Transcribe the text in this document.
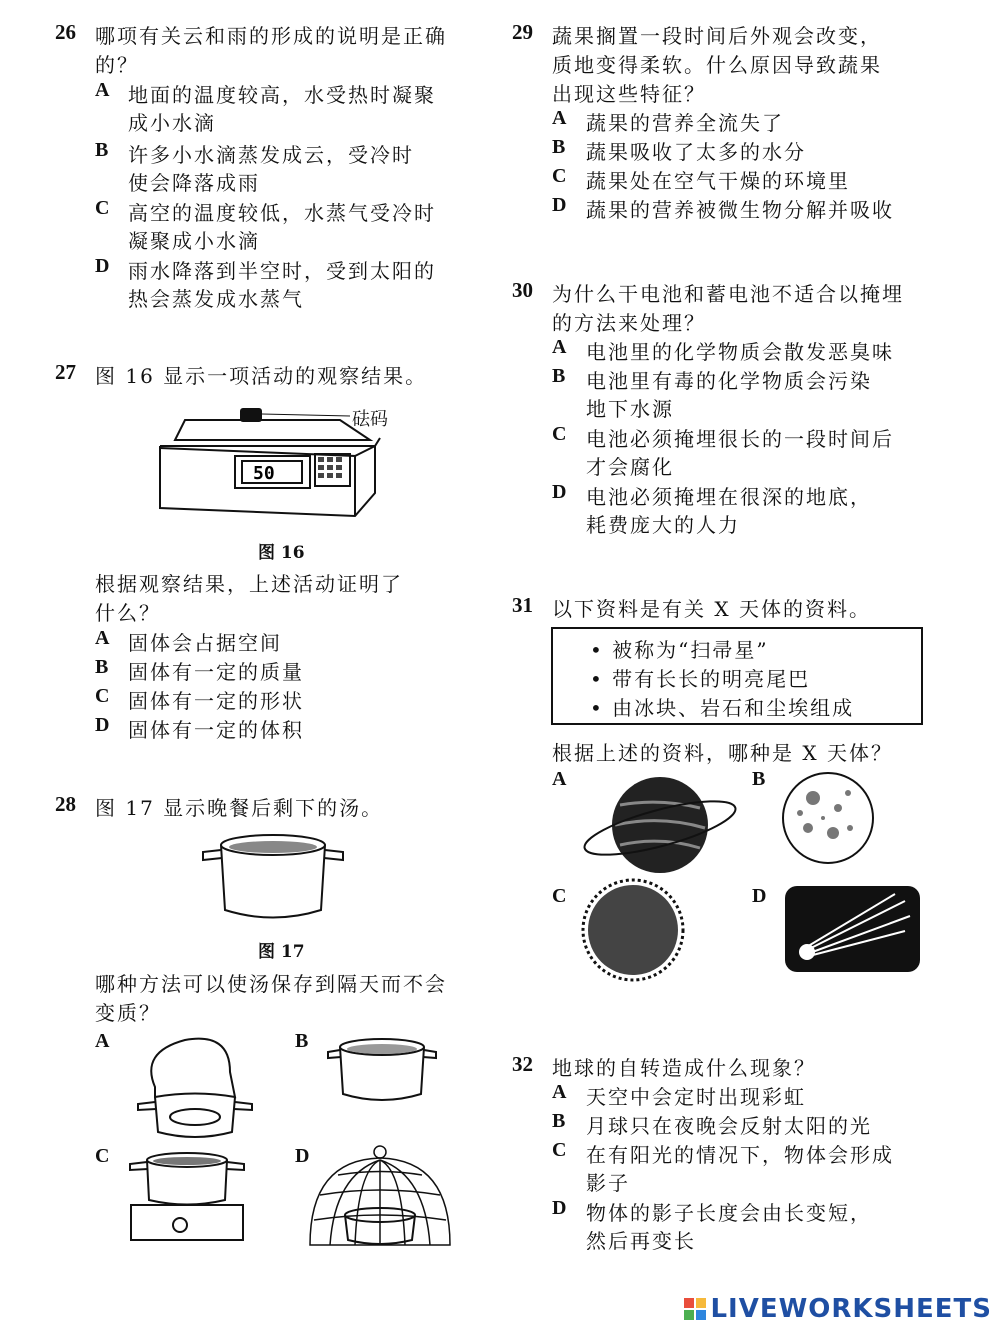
26 哪项有关云和雨的形成的说明是正确
的？
A 地面的温度较高，水受热时凝聚
成小水滴
B 许多小水滴蒸发成云，受冷时
使会降落成雨
C 高空的温度较低，水蒸气受冷时
凝聚成小水滴
D 雨水降落到半空时，受到太阳的
热会蒸发成水蒸气
27 图 16 显示一项活动的观察结果。
50
砝码
图 16
根据观察结果，上述活动证明了
什么？
A 固体会占据空间
B 固体有一定的质量
C 固体有一定的形状
D 固体有一定的体积
28 图 17 显示晚餐后剩下的汤。
图 17
哪种方法可以使汤保存到隔天而不会
变质？
A	B
C	D
29 蔬果搁置一段时间后外观会改变，
质地变得柔软。什么原因导致蔬果
出现这些特征？
A 蔬果的营养全流失了
B 蔬果吸收了太多的水分
C 蔬果处在空气干燥的环境里
D 蔬果的营养被微生物分解并吸收
30 为什么干电池和蓄电池不适合以掩埋
的方法来处理？
A 电池里的化学物质会散发恶臭味
B 电池里有毒的化学物质会污染
地下水源
C 电池必须掩埋很长的一段时间后
才会腐化
D 电池必须掩埋在很深的地底，
耗费庞大的人力
31 以下资料是有关 X 天体的资料。
• 被称为“扫帚星”
• 带有长长的明亮尾巴
• 由冰块、岩石和尘埃组成
根据上述的资料，哪种是 X 天体？
A	B
C	D
32 地球的自转造成什么现象？
A 天空中会定时出现彩虹
B 月球只在夜晚会反射太阳的光
C 在有阳光的情况下，物体会形成
影子
D 物体的影子长度会由长变短，
然后再变长
LIVEWORKSHEETS
